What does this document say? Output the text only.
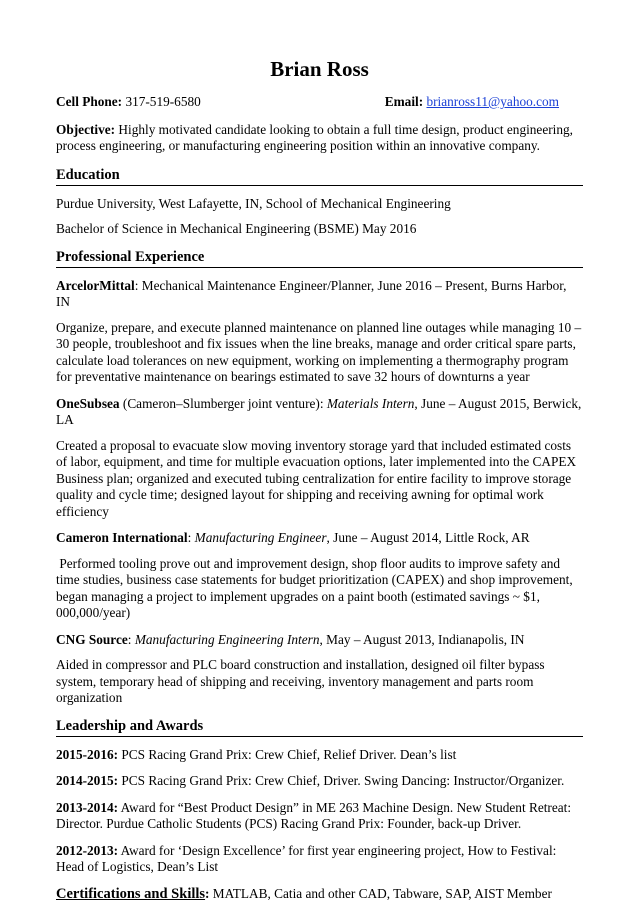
Brian Ross
Cell Phone: 317-519-6580	Email: brianross11@yahoo.com
Objective: Highly motivated candidate looking to obtain a full time design, product engineering, process engineering, or manufacturing engineering position within an innovative company.
Education

Purdue University, West Lafayette, IN, School of Mechanical Engineering

Bachelor of Science in Mechanical Engineering (BSME) May 2016

Professional Experience

ArcelorMittal: Mechanical Maintenance Engineer/Planner, June 2016 – Present, Burns Harbor, IN

Organize, prepare, and execute planned maintenance on planned line outages while managing 10 – 30 people, troubleshoot and fix issues when the line breaks, manage and order critical spare parts, calculate load tolerances on new equipment, working on implementing a thermography program for preventative maintenance on bearings estimated to save 32 hours of downturns a year

OneSubsea (Cameron–Slumberger joint venture): Materials Intern, June – August 2015, Berwick, LA

Created a proposal to evacuate slow moving inventory storage yard that included estimated costs of labor, equipment, and time for multiple evacuation options, later implemented into the CAPEX Business plan; organized and executed tubing centralization for entire facility to improve storage quality and cycle time; designed layout for shipping and receiving awning for optimal work efficiency

Cameron International: Manufacturing Engineer, June – August 2014, Little Rock, AR

Performed tooling prove out and improvement design, shop floor audits to improve safety and time studies, business case statements for budget prioritization (CAPEX) and shop improvement, began managing a project to implement upgrades on a paint booth (estimated savings ~ $1, 000,000/year)

CNG Source: Manufacturing Engineering Intern, May – August 2013, Indianapolis, IN

Aided in compressor and PLC board construction and installation, designed oil filter bypass system, temporary head of shipping and receiving, inventory management and parts room organization

Leadership and Awards

2015-2016: PCS Racing Grand Prix: Crew Chief, Relief Driver. Dean’s list

2014-2015: PCS Racing Grand Prix: Crew Chief, Driver. Swing Dancing: Instructor/Organizer.

2013-2014: Award for “Best Product Design” in ME 263 Machine Design. New Student Retreat: Director. Purdue Catholic Students (PCS) Racing Grand Prix: Founder, back-up Driver.

2012-2013: Award for ‘Design Excellence’ for first year engineering project, How to Festival: Head of Logistics, Dean’s List

Certifications and Skills: MATLAB, Catia and other CAD, Tabware, SAP, AIST Member
